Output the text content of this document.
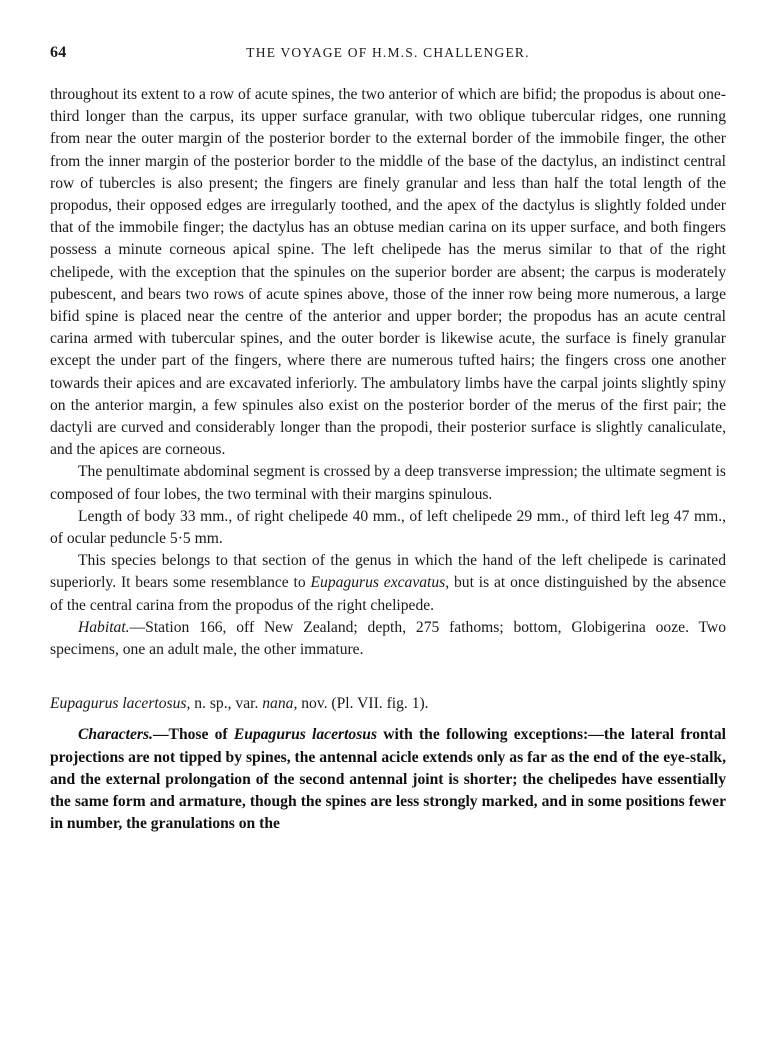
64	THE VOYAGE OF H.M.S. CHALLENGER.

throughout its extent to a row of acute spines, the two anterior of which are bifid; the propodus is about one-third longer than the carpus, its upper surface granular, with two oblique tubercular ridges, one running from near the outer margin of the posterior border to the external border of the immobile finger, the other from the inner margin of the posterior border to the middle of the base of the dactylus, an indistinct central row of tubercles is also present; the fingers are finely granular and less than half the total length of the propodus, their opposed edges are irregularly toothed, and the apex of the dactylus is slightly folded under that of the immobile finger; the dactylus has an obtuse median carina on its upper surface, and both fingers possess a minute corneous apical spine. The left chelipede has the merus similar to that of the right chelipede, with the exception that the spinules on the superior border are absent; the carpus is moderately pubescent, and bears two rows of acute spines above, those of the inner row being more numerous, a large bifid spine is placed near the centre of the anterior and upper border; the propodus has an acute central carina armed with tubercular spines, and the outer border is likewise acute, the surface is finely granular except the under part of the fingers, where there are numerous tufted hairs; the fingers cross one another towards their apices and are excavated inferiorly. The ambulatory limbs have the carpal joints slightly spiny on the anterior margin, a few spinules also exist on the posterior border of the merus of the first pair; the dactyli are curved and considerably longer than the propodi, their posterior surface is slightly canaliculate, and the apices are corneous.

The penultimate abdominal segment is crossed by a deep transverse impression; the ultimate segment is composed of four lobes, the two terminal with their margins spinulous.

Length of body 33 mm., of right chelipede 40 mm., of left chelipede 29 mm., of third left leg 47 mm., of ocular peduncle 5·5 mm.

This species belongs to that section of the genus in which the hand of the left chelipede is carinated superiorly. It bears some resemblance to Eupagurus excavatus, but is at once distinguished by the absence of the central carina from the propodus of the right chelipede.

Habitat.—Station 166, off New Zealand; depth, 275 fathoms; bottom, Globigerina ooze. Two specimens, one an adult male, the other immature.

Eupagurus lacertosus, n. sp., var. nana, nov. (Pl. VII. fig. 1).

Characters.—Those of Eupagurus lacertosus with the following exceptions:—the lateral frontal projections are not tipped by spines, the antennal acicle extends only as far as the end of the eye-stalk, and the external prolongation of the second antennal joint is shorter; the chelipedes have essentially the same form and armature, though the spines are less strongly marked, and in some positions fewer in number, the granulations on the
